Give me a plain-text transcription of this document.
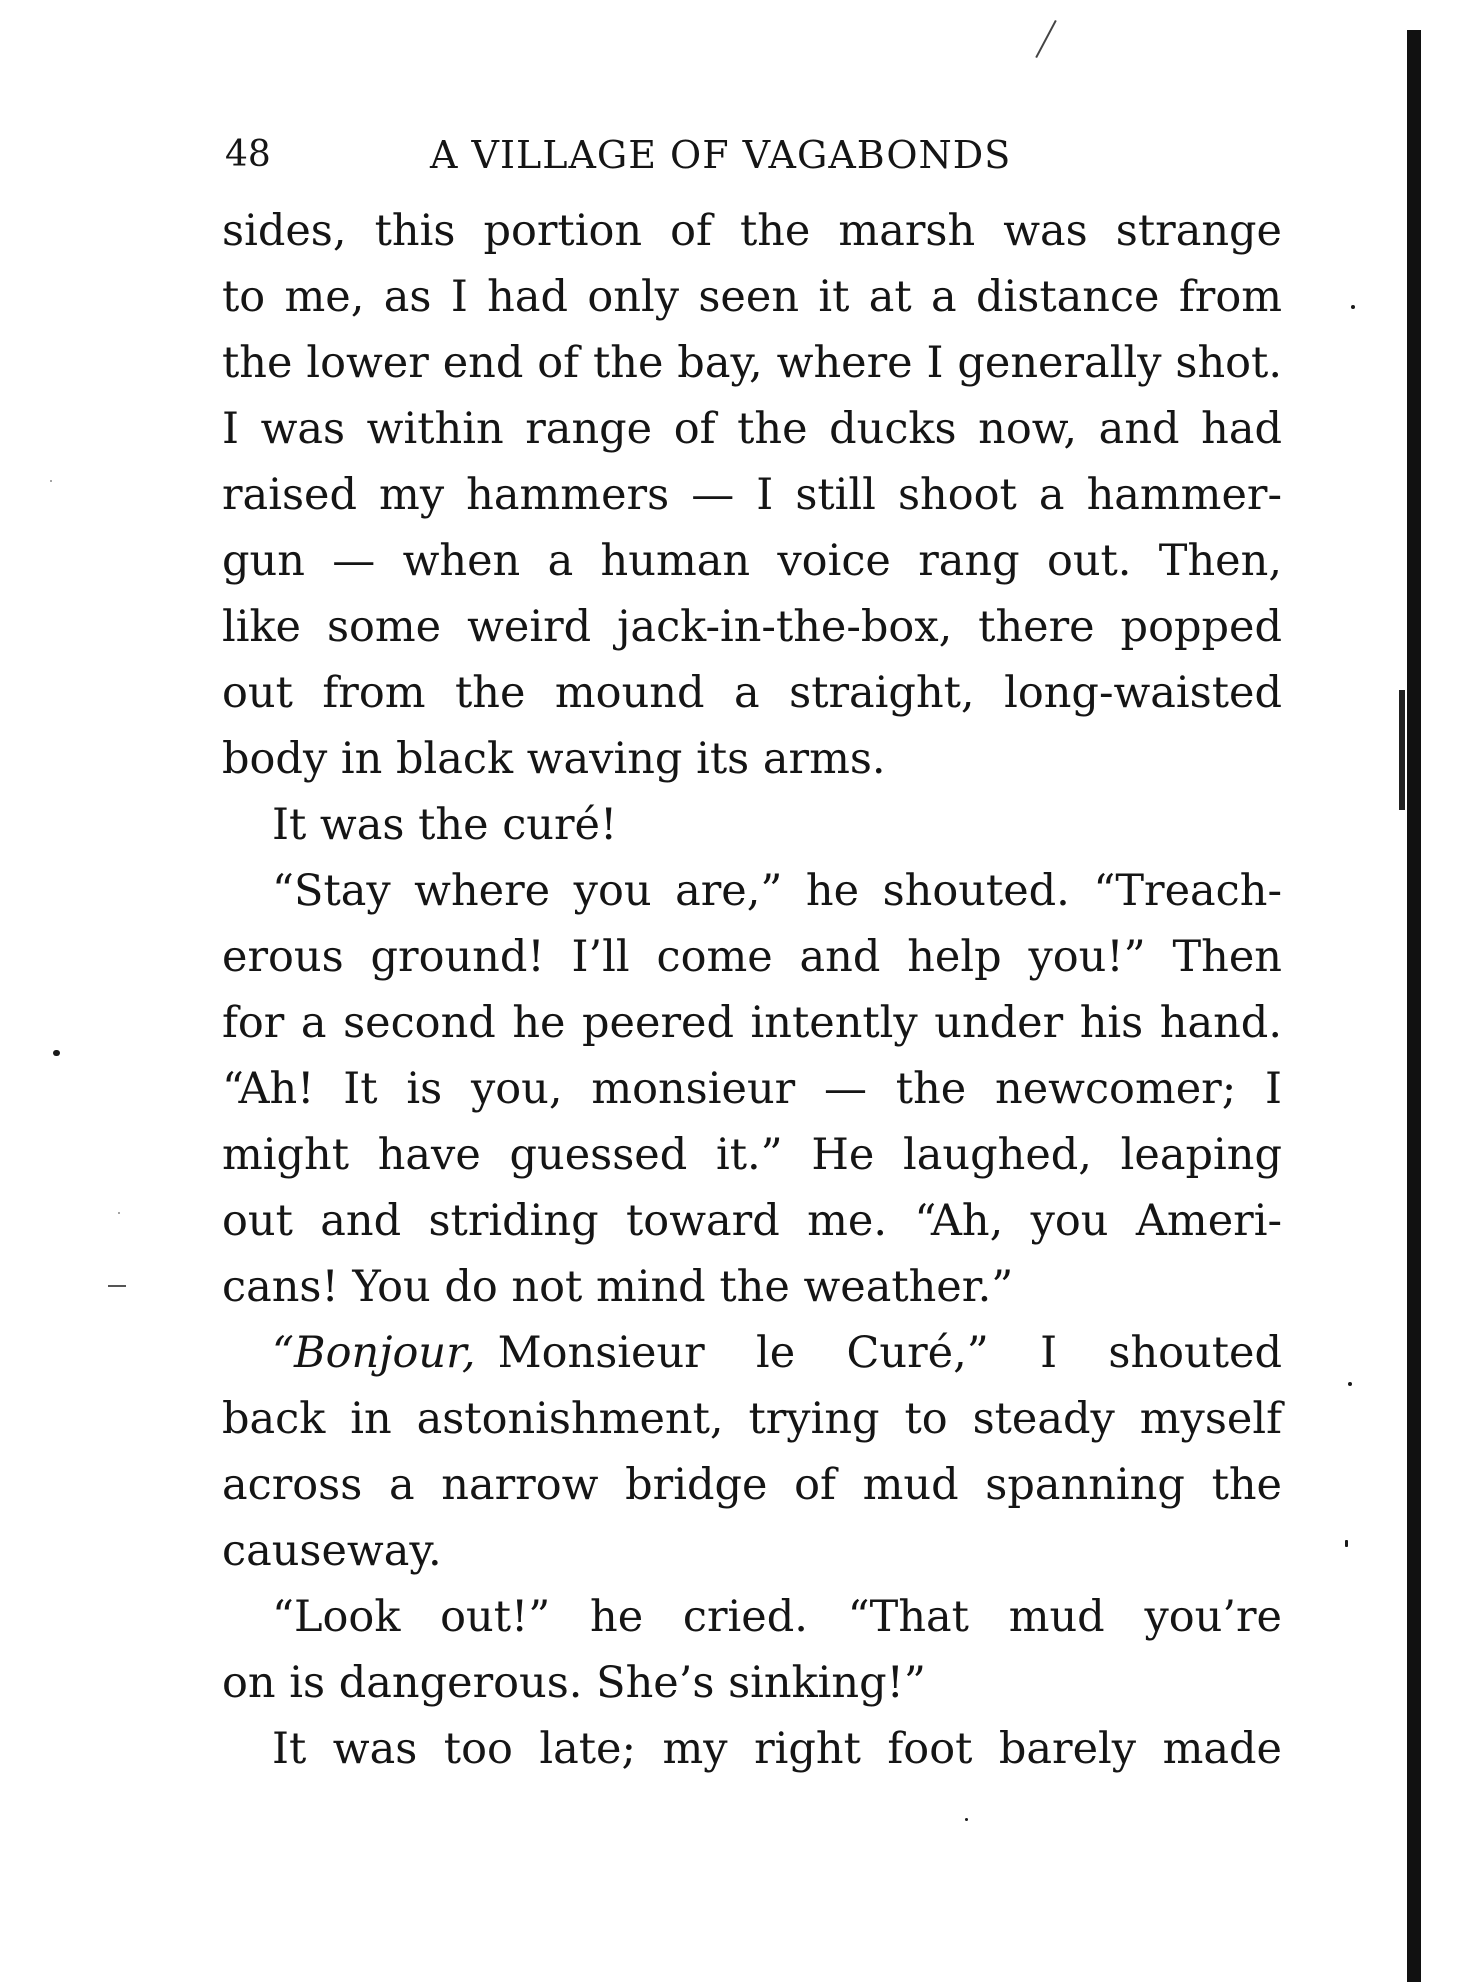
48	A VILLAGE OF VAGABONDS
sides, this portion of the marsh was strange
to me, as I had only seen it at a distance from
the lower end of the bay, where I generally shot.
I was within range of the ducks now, and had
raised my hammers — I still shoot a hammer-
gun — when a human voice rang out. Then,
like some weird jack-in-the-box, there popped
out from the mound a straight, long-waisted
body in black waving its arms.
It was the curé!
“Stay where you are,” he shouted. “Treach-
erous ground! I’ll come and help you!” Then
for a second he peered intently under his hand.
“Ah! It is you, monsieur — the newcomer; I
might have guessed it.” He laughed, leaping
out and striding toward me. “Ah, you Ameri-
cans! You do not mind the weather.”
“Bonjour, Monsieur le Curé,” I shouted
back in astonishment, trying to steady myself
across a narrow bridge of mud spanning the
causeway.
“Look out!” he cried. “That mud you’re
on is dangerous. She’s sinking!”
It was too late; my right foot barely made
